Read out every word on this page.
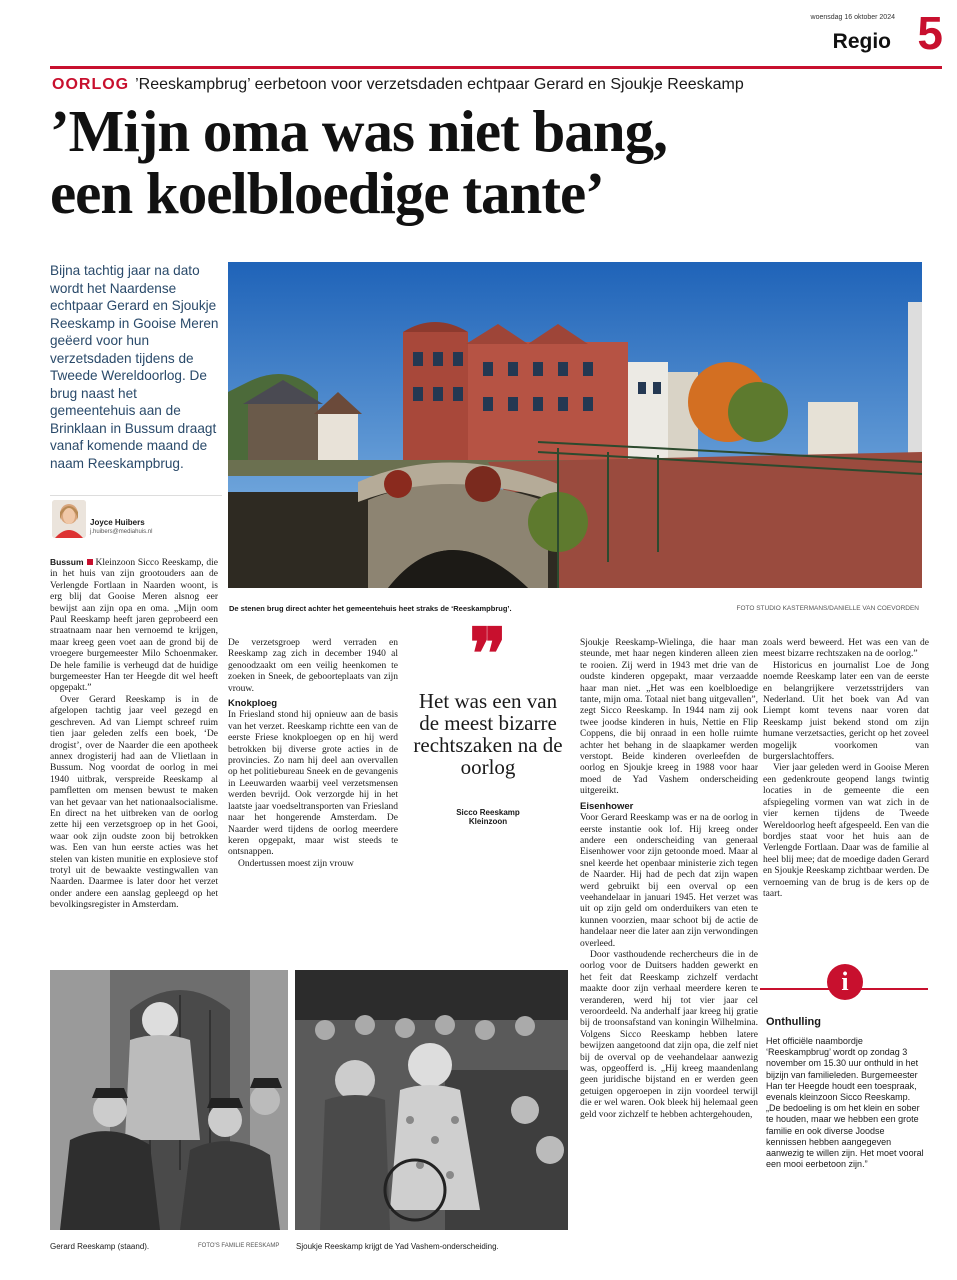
woensdag 16 oktober 2024
Regio 5
OORLOG ’Reeskampbrug’ eerbetoon voor verzetsdaden echtpaar Gerard en Sjoukje Reeskamp
’Mijn oma was niet bang,
een koelbloedige tante’
Bijna tachtig jaar na dato wordt het Naardense echtpaar Gerard en Sjoukje Reeskamp in Gooise Meren geëerd voor hun verzetsdaden tijdens de Tweede Wereldoorlog. De brug naast het gemeentehuis aan de Brinklaan in Bussum draagt vanaf komende maand de naam Reeskampbrug.
Joyce Huibers
j.huibers@mediahuis.nl
De stenen brug direct achter het gemeentehuis heet straks de ‘Reeskampbrug’.	FOTO STUDIO KASTERMANS/DANIELLE VAN COEVORDEN

Bussum Kleinzoon Sicco Reeskamp, die in het huis van zijn grootouders aan de Verlengde Fortlaan in Naarden woont, is erg blij dat Gooise Meren alsnog eer bewijst aan zijn opa en oma. „Mijn oom Paul Reeskamp heeft jaren geprobeerd een straatnaam naar hen vernoemd te krijgen, maar kreeg geen voet aan de grond bij de vroegere burgemeester Milo Schoenmaker. De hele familie is verheugd dat de huidige burgemeester Han ter Heegde dit wel heeft opgepakt.”

Over Gerard Reeskamp is in de afgelopen tachtig jaar veel gezegd en geschreven. Ad van Liempt schreef ruim tien jaar geleden zelfs een boek, ‘De drogist’, over de Naarder die een apotheek annex drogisterij had aan de Vlietlaan in Bussum. Nog voordat de oorlog in mei 1940 uitbrak, verspreide Reeskamp al pamfletten om mensen bewust te maken van het gevaar van het nationaalsocialisme. En direct na het uitbreken van de oorlog zette hij een verzetsgroep op in het Gooi, waar ook zijn oudste zoon bij betrokken was. Een van hun eerste acties was het stelen van kisten munitie en explosieve stof trotyl uit de bewaakte vestingwallen van Naarden. Daarmee is later door het verzet onder andere een aanslag gepleegd op het bevolkingsregister in Amsterdam.

De verzetsgroep werd verraden en Reeskamp zag zich in december 1940 al genoodzaakt om een veilig heenkomen te zoeken in Sneek, de geboorteplaats van zijn vrouw.

Knokploeg

In Friesland stond hij opnieuw aan de basis van het verzet. Reeskamp richtte een van de eerste Friese knokploegen op en hij werd betrokken bij diverse grote acties in de provincies. Zo nam hij deel aan overvallen op het politiebureau Sneek en de gevangenis in Leeuwarden waarbij veel verzetsmensen werden bevrijd. Ook verzorgde hij in het laatste jaar voedseltransporten van Friesland naar het hongerende Amsterdam. De Naarder werd tijdens de oorlog meerdere keren opgepakt, maar wist steeds te ontsnappen.

Ondertussen moest zijn vrouw

❞
Het was een van de meest bizarre rechtszaken na de oorlog
Sicco Reeskamp
Kleinzoon

Sjoukje Reeskamp-Wielinga, die haar man steunde, met haar negen kinderen alleen zien te rooien. Zij werd in 1943 met drie van de oudste kinderen opgepakt, maar verzaadde haar man niet. „Het was een koelbloedige tante, mijn oma. Totaal niet bang uitgevallen”, zegt Sicco Reeskamp. In 1944 nam zij ook twee joodse kinderen in huis, Nettie en Flip Coppens, die bij onraad in een holle ruimte achter het behang in de slaapkamer werden verstopt. Beide kinderen overleefden de oorlog en Sjoukje kreeg in 1988 voor haar moed de Yad Vashem onderscheiding uitgereikt.

Eisenhower

Voor Gerard Reeskamp was er na de oorlog in eerste instantie ook lof. Hij kreeg onder andere een onderscheiding van generaal Eisenhower voor zijn getoonde moed. Maar al snel keerde het openbaar ministerie zich tegen de Naarder. Hij had de pech dat zijn wapen werd gebruikt bij een overval op een veehandelaar in januari 1945. Het verzet was uit op zijn geld om onderduikers van eten te kunnen voorzien, maar schoot bij de actie de handelaar neer die later aan zijn verwondingen overleed.

Door vasthoudende rechercheurs die in de oorlog voor de Duitsers hadden gewerkt en het feit dat Reeskamp zichzelf verdacht maakte door zijn verhaal meerdere keren te veranderen, werd hij tot vier jaar cel veroordeeld. Na anderhalf jaar kreeg hij gratie bij de troonsafstand van koningin Wilhelmina. Volgens Sicco Reeskamp hebben latere bewijzen aangetoond dat zijn opa, die zelf niet bij de overval op de veehandelaar aanwezig was, opgeofferd is. „Hij kreeg maandenlang geen juridische bijstand en er werden geen getuigen opgeroepen in zijn voordeel terwijl die er wel waren. Ook bleek hij helemaal geen geld voor zichzelf te hebben achtergehouden,

zoals werd beweerd. Het was een van de meest bizarre rechtszaken na de oorlog.”

Historicus en journalist Loe de Jong noemde Reeskamp later een van de eerste en belangrijkere verzetsstrijders van Nederland. Uit het boek van Ad van Liempt komt tevens naar voren dat Reeskamp juist bekend stond om zijn humane verzetsacties, gericht op het zoveel mogelijk voorkomen van burgerslachtoffers.

Vier jaar geleden werd in Gooise Meren een gedenkroute geopend langs twintig locaties in de gemeente die een afspiegeling vormen van wat zich in de vier kernen tijdens de Tweede Wereldoorlog heeft afgespeeld. Een van die bordjes staat voor het huis aan de Verlengde Fortlaan. Daar was de familie al heel blij mee; dat de moedige daden Gerard en Sjoukje Reeskamp zichtbaar werden. De vernoeming van de brug is de kers op de taart.

Gerard Reeskamp (staand).	FOTO'S FAMILIE REESKAMP Sjoukje Reeskamp krijgt de Yad Vashem-onderscheiding.
i
Onthulling
Het officiële naambordje ‘Reeskampbrug’ wordt op zondag 3 november om 15.30 uur onthuld in het bijzijn van familieleden. Burgemeester Han ter Heegde houdt een toespraak, evenals kleinzoon Sicco Reeskamp. „De bedoeling is om het klein en sober te houden, maar we hebben een grote familie en ook diverse Joodse kennissen hebben aangegeven aanwezig te willen zijn. Het moet vooral een mooi eerbetoon zijn.”
